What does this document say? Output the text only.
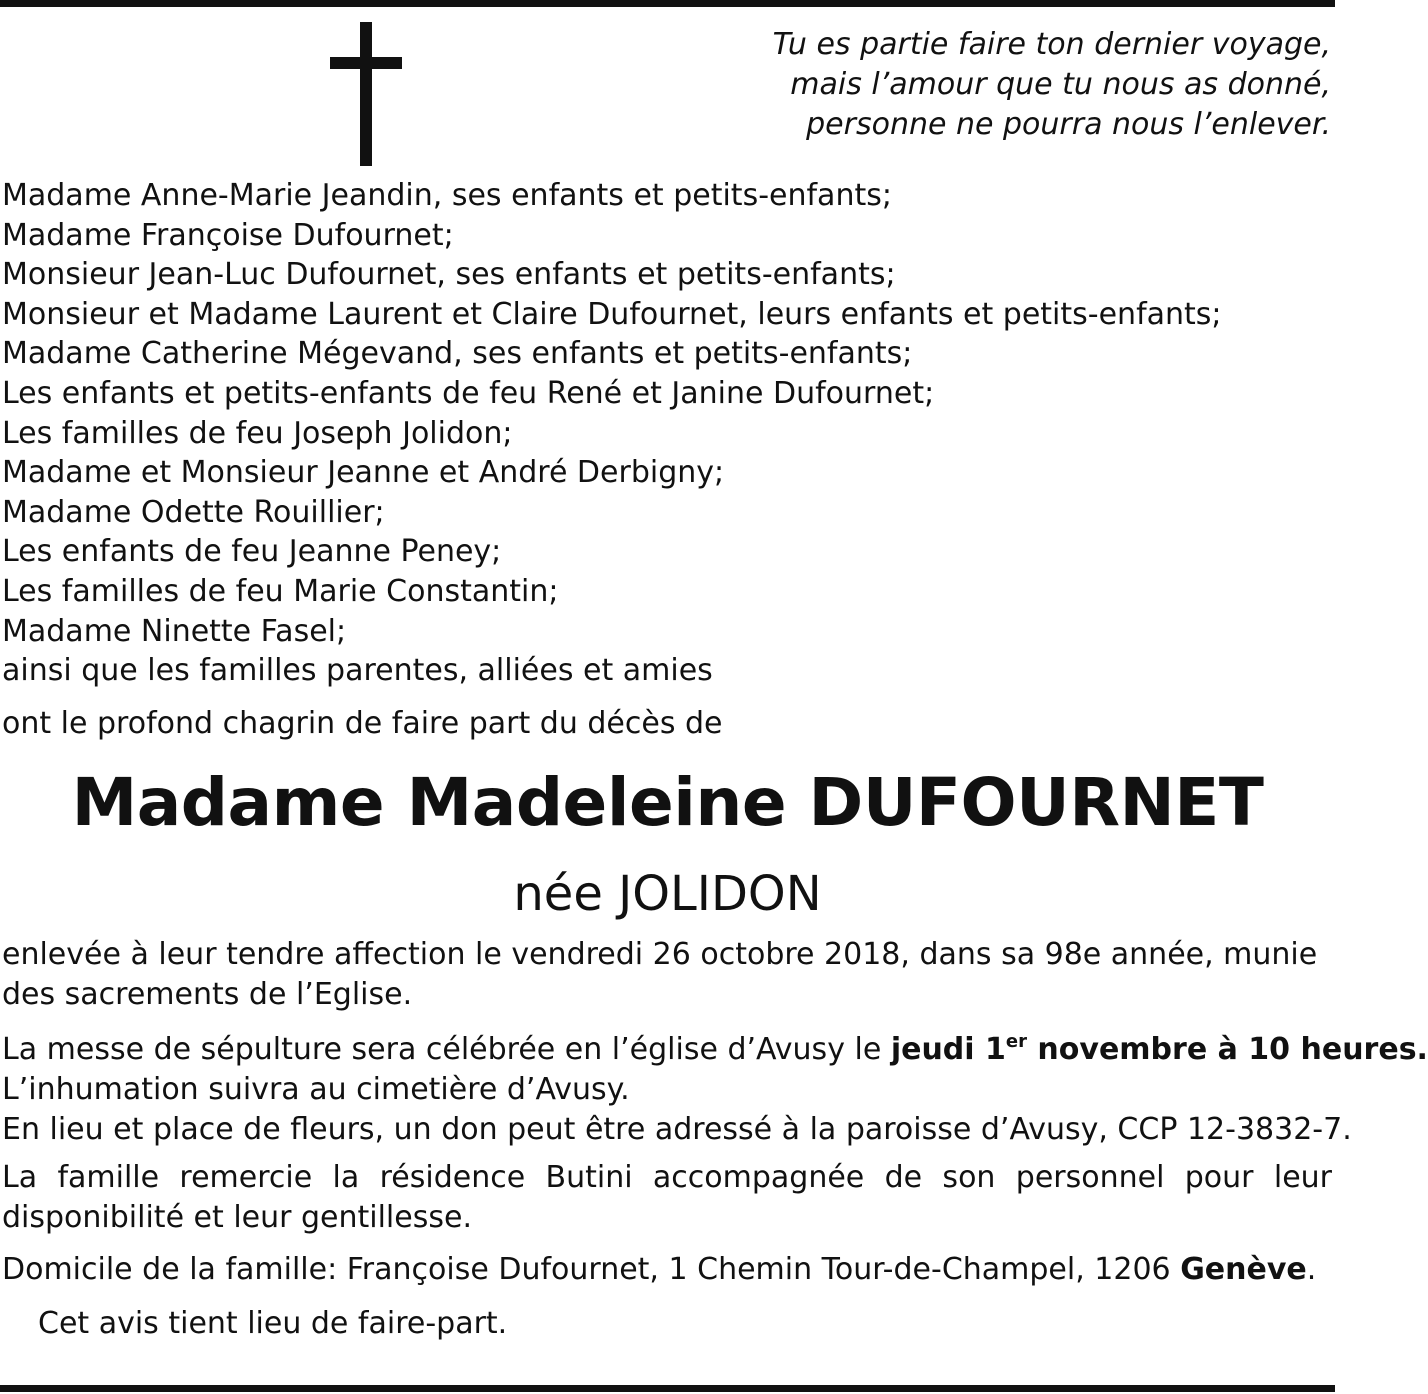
Tu es partie faire ton dernier voyage,
mais l’amour que tu nous as donné,
personne ne pourra nous l’enlever.
Madame Anne-Marie Jeandin, ses enfants et petits-enfants;
Madame Françoise Dufournet;
Monsieur Jean-Luc Dufournet, ses enfants et petits-enfants;
Monsieur et Madame Laurent et Claire Dufournet, leurs enfants et petits-enfants;
Madame Catherine Mégevand, ses enfants et petits-enfants;
Les enfants et petits-enfants de feu René et Janine Dufournet;
Les familles de feu Joseph Jolidon;
Madame et Monsieur Jeanne et André Derbigny;
Madame Odette Rouillier;
Les enfants de feu Jeanne Peney;
Les familles de feu Marie Constantin;
Madame Ninette Fasel;
ainsi que les familles parentes, alliées et amies
ont le profond chagrin de faire part du décès de
Madame Madeleine DUFOURNET
née JOLIDON
enlevée à leur tendre affection le vendredi 26 octobre 2018, dans sa 98e année, munie des sacrements de l’Eglise.
La messe de sépulture sera célébrée en l’église d’Avusy le jeudi 1er novembre à 10 heures.
L’inhumation suivra au cimetière d’Avusy.
En lieu et place de fleurs, un don peut être adressé à la paroisse d’Avusy, CCP 12-3832-7.
La famille remercie la résidence Butini accompagnée de son personnel pour leur disponibilité et leur gentillesse.
Domicile de la famille: Françoise Dufournet, 1 Chemin Tour-de-Champel, 1206 Genève.
Cet avis tient lieu de faire-part.
